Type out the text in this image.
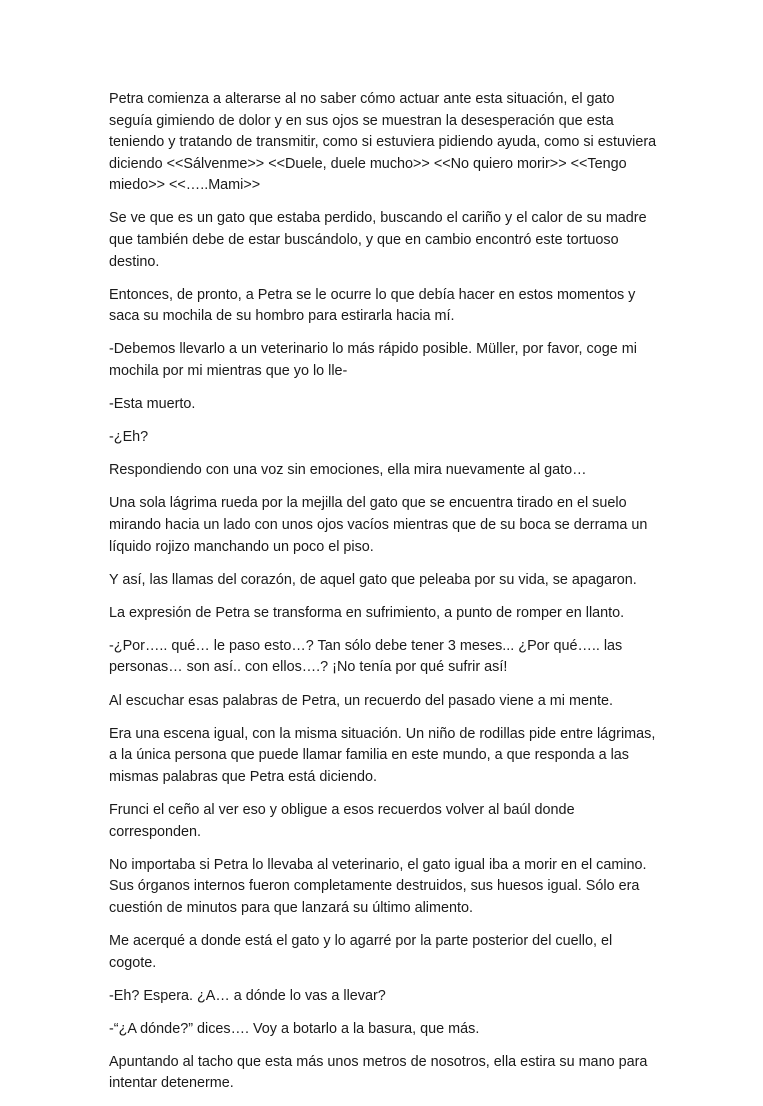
Petra comienza a alterarse al no saber cómo actuar ante esta situación, el gato seguía gimiendo de dolor y en sus ojos se muestran la desesperación que esta teniendo y tratando de transmitir, como si estuviera pidiendo ayuda, como si estuviera diciendo <<Sálvenme>> <<Duele, duele mucho>> <<No quiero morir>> <<Tengo miedo>> <<…..Mami>>

Se ve que es un gato que estaba perdido, buscando el cariño y el calor de su madre que también debe de estar buscándolo, y que en cambio encontró este tortuoso destino.

Entonces, de pronto, a Petra se le ocurre lo que debía hacer en estos momentos y saca su mochila de su hombro para estirarla hacia mí.

-Debemos llevarlo a un veterinario lo más rápido posible. Müller, por favor, coge mi mochila por mi mientras que yo lo lle-

-Esta muerto.

-¿Eh?

Respondiendo con una voz sin emociones, ella mira nuevamente al gato…

Una sola lágrima rueda por la mejilla del gato que se encuentra tirado en el suelo mirando hacia un lado con unos ojos vacíos mientras que de su boca se derrama un líquido rojizo manchando un poco el piso.

Y así, las llamas del corazón, de aquel gato que peleaba por su vida, se apagaron.

La expresión de Petra se transforma en sufrimiento, a punto de romper en llanto.

-¿Por….. qué… le paso esto…? Tan sólo debe tener 3 meses... ¿Por qué….. las personas… son así.. con ellos….? ¡No tenía por qué sufrir así!

Al escuchar esas palabras de Petra, un recuerdo del pasado viene a mi mente.

Era una escena igual, con la misma situación. Un niño de rodillas pide entre lágrimas, a la única persona que puede llamar familia en este mundo, a que responda a las mismas palabras que Petra está diciendo.

Frunci el ceño al ver eso y obligue a esos recuerdos volver al baúl donde corresponden.

No importaba si Petra lo llevaba al veterinario, el gato igual iba a morir en el camino. Sus órganos internos fueron completamente destruidos, sus huesos igual. Sólo era cuestión de minutos para que lanzará su último alimento.

Me acerqué a donde está el gato y lo agarré por la parte posterior del cuello, el cogote.

-Eh? Espera. ¿A… a dónde lo vas a llevar?

-“¿A dónde?” dices…. Voy a botarlo a la basura, que más.

Apuntando al tacho que esta más unos metros de nosotros, ella estira su mano para intentar detenerme.
